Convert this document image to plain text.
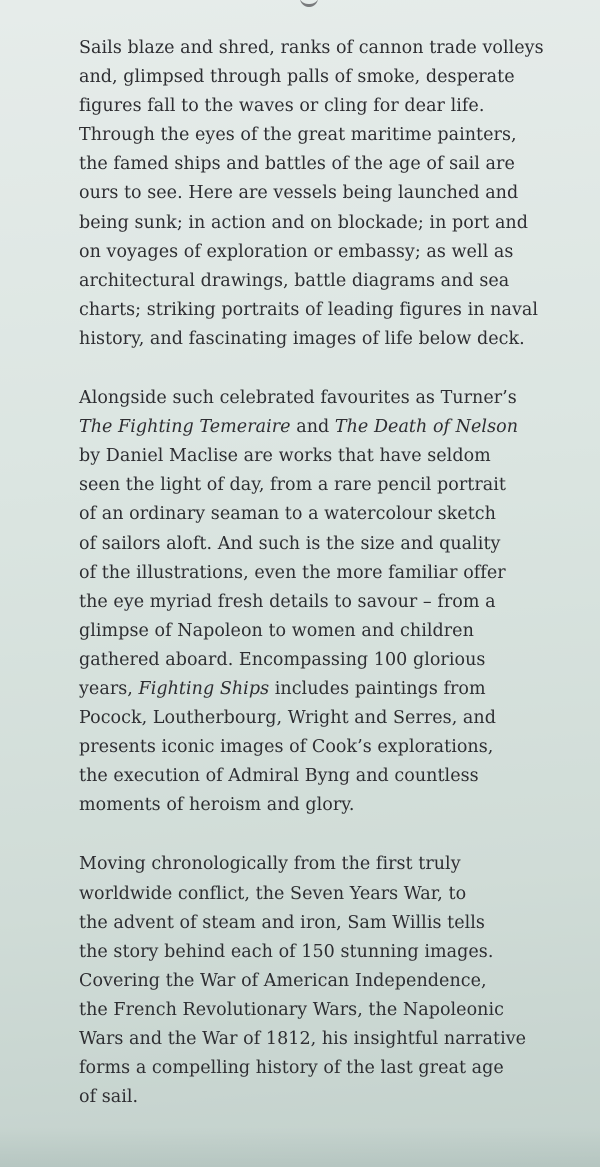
Sails blaze and shred, ranks of cannon trade volleys
and, glimpsed through palls of smoke, desperate
figures fall to the waves or cling for dear life.
Through the eyes of the great maritime painters,
the famed ships and battles of the age of sail are
ours to see. Here are vessels being launched and
being sunk; in action and on blockade; in port and
on voyages of exploration or embassy; as well as
architectural drawings, battle diagrams and sea
charts; striking portraits of leading figures in naval
history, and fascinating images of life below deck.

Alongside such celebrated favourites as Turner’s
The Fighting Temeraire and The Death of Nelson
by Daniel Maclise are works that have seldom
seen the light of day, from a rare pencil portrait
of an ordinary seaman to a watercolour sketch
of sailors aloft. And such is the size and quality
of the illustrations, even the more familiar offer
the eye myriad fresh details to savour – from a
glimpse of Napoleon to women and children
gathered aboard. Encompassing 100 glorious
years, Fighting Ships includes paintings from
Pocock, Loutherbourg, Wright and Serres, and
presents iconic images of Cook’s explorations,
the execution of Admiral Byng and countless
moments of heroism and glory.

Moving chronologically from the first truly
worldwide conflict, the Seven Years War, to
the advent of steam and iron, Sam Willis tells
the story behind each of 150 stunning images.
Covering the War of American Independence,
the French Revolutionary Wars, the Napoleonic
Wars and the War of 1812, his insightful narrative
forms a compelling history of the last great age
of sail.
